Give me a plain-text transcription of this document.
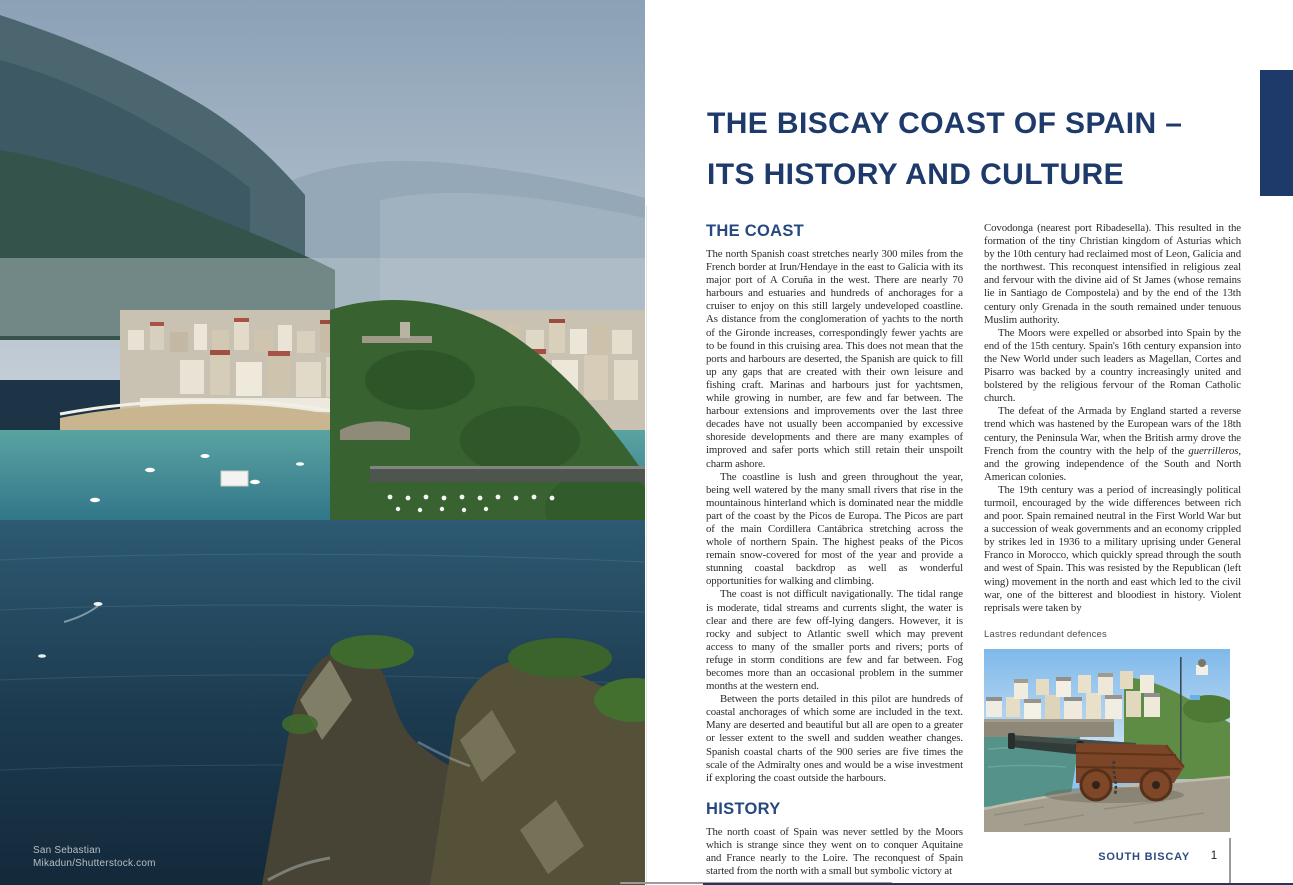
San Sebastian
Mikadun/Shutterstock.com
THE BISCAY COAST OF SPAIN –
ITS HISTORY AND CULTURE
THE COAST

The north Spanish coast stretches nearly 300 miles from the French border at Irun/Hendaye in the east to Galicia with its major port of A Coruña in the west. There are nearly 70 harbours and estuaries and hundreds of anchorages for a cruiser to enjoy on this still largely undeveloped coastline. As distance from the conglomeration of yachts to the north of the Gironde increases, correspondingly fewer yachts are to be found in this cruising area. This does not mean that the ports and harbours are deserted, the Spanish are quick to fill up any gaps that are created with their own leisure and fishing craft. Marinas and harbours just for yachtsmen, while growing in number, are few and far between. The harbour extensions and improvements over the last three decades have not usually been accompanied by excessive shoreside developments and there are many examples of improved and safer ports which still retain their unspoilt charm ashore.

The coastline is lush and green throughout the year, being well watered by the many small rivers that rise in the mountainous hinterland which is dominated near the middle part of the coast by the Picos de Europa. The Picos are part of the main Cordillera Cantábrica stretching across the whole of northern Spain. The highest peaks of the Picos remain snow-covered for most of the year and provide a stunning coastal backdrop as well as wonderful opportunities for walking and climbing.

The coast is not difficult navigationally. The tidal range is moderate, tidal streams and currents slight, the water is clear and there are few off-lying dangers. However, it is rocky and subject to Atlantic swell which may prevent access to many of the smaller ports and rivers; ports of refuge in storm conditions are few and far between. Fog becomes more than an occasional problem in the summer months at the western end.

Between the ports detailed in this pilot are hundreds of coastal anchorages of which some are included in the text. Many are deserted and beautiful but all are open to a greater or lesser extent to the swell and sudden weather changes. Spanish coastal charts of the 900 series are five times the scale of the Admiralty ones and would be a wise investment if exploring the coast outside the harbours.

HISTORY

The north coast of Spain was never settled by the Moors which is strange since they went on to conquer Aquitaine and France nearly to the Loire. The reconquest of Spain started from the north with a small but symbolic victory at

Covodonga (nearest port Ribadesella). This resulted in the formation of the tiny Christian kingdom of Asturias which by the 10th century had reclaimed most of Leon, Galicia and the northwest. This reconquest intensified in religious zeal and fervour with the divine aid of St James (whose remains lie in Santiago de Compostela) and by the end of the 13th century only Grenada in the south remained under tenuous Muslim authority.

The Moors were expelled or absorbed into Spain by the end of the 15th century. Spain's 16th century expansion into the New World under such leaders as Magellan, Cortes and Pisarro was backed by a country increasingly united and bolstered by the religious fervour of the Roman Catholic church.

The defeat of the Armada by England started a reverse trend which was hastened by the European wars of the 18th century, the Peninsula War, when the British army drove the French from the country with the help of the guerrilleros, and the growing independence of the South and North American colonies.

The 19th century was a period of increasingly political turmoil, encouraged by the wide differences between rich and poor. Spain remained neutral in the First World War but a succession of weak governments and an economy crippled by strikes led in 1936 to a military uprising under General Franco in Morocco, which quickly spread through the south and west of Spain. This was resisted by the Republican (left wing) movement in the north and east which led to the civil war, one of the bitterest and bloodiest in history. Violent reprisals were taken by

Lastres redundant defences

SOUTH BISCAY	1
